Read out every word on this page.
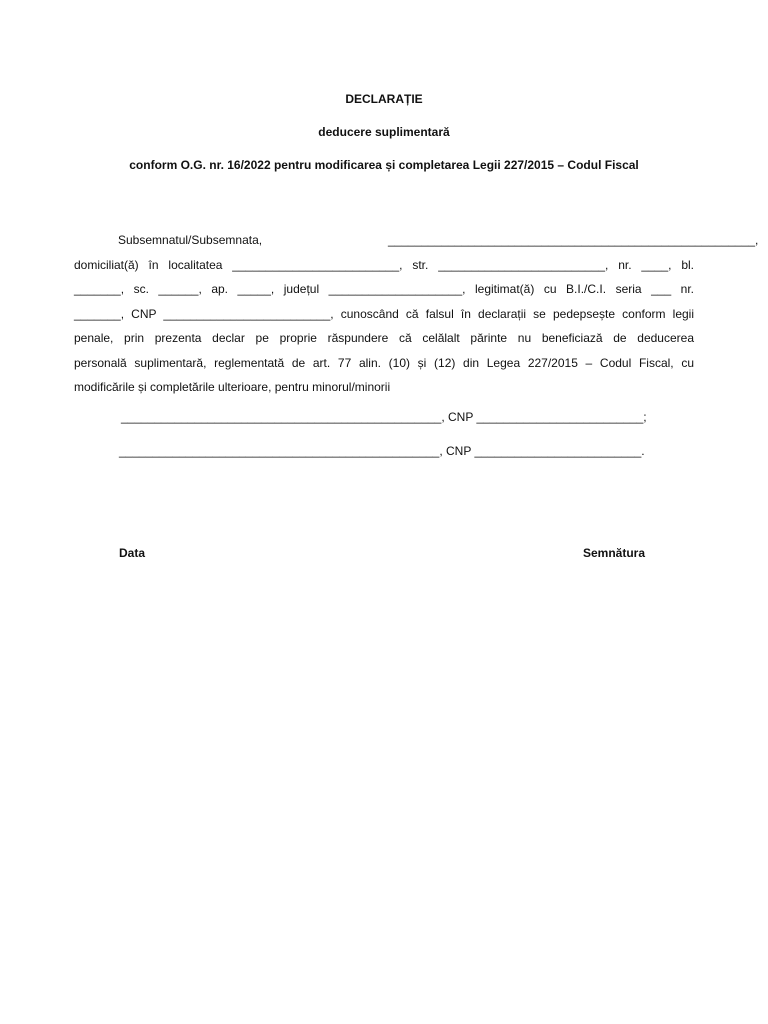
DECLARAȚIE
deducere suplimentară
conform O.G. nr. 16/2022 pentru modificarea și completarea Legii 227/2015 – Codul Fiscal
Subsemnatul/Subsemnata,	_______________________________________________________,
domiciliat(ă) în localitatea _________________________, str. _________________________, nr. ____, bl.
_______, sc. ______, ap. _____, județul ____________________, legitimat(ă) cu B.I./C.I. seria ___ nr.
_______, CNP _________________________, cunoscând că falsul în declarații se pedepsește conform legii
penale, prin prezenta declar pe proprie răspundere că celălalt părinte nu beneficiază de deducerea
personală suplimentară, reglementată de art. 77 alin. (10) și (12) din Legea 227/2015 – Codul Fiscal, cu
modificările și completările ulterioare, pentru minorul/minorii
________________________________________________, CNP _________________________;
________________________________________________, CNP _________________________.
Data	Semnătura
